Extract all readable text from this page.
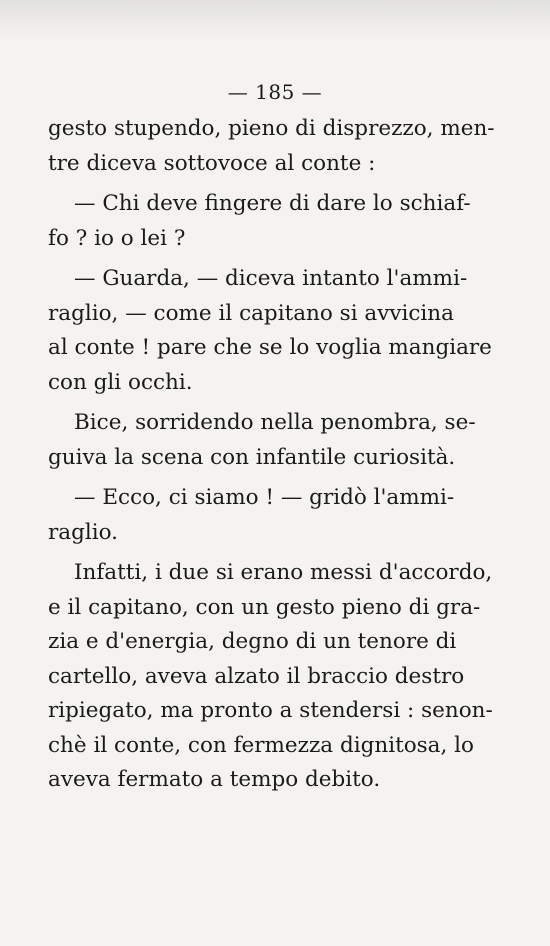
— 185 —
gesto stupendo, pieno di disprezzo, men-
tre diceva sottovoce al conte :
— Chi deve fingere di dare lo schiaf-
fo ? io o lei ?
— Guarda, — diceva intanto l'ammi-
raglio, — come il capitano si avvicina
al conte ! pare che se lo voglia mangiare
con gli occhi.
Bice, sorridendo nella penombra, se-
guiva la scena con infantile curiosità.
— Ecco, ci siamo ! — gridò l'ammi-
raglio.
Infatti, i due si erano messi d'accordo,
e il capitano, con un gesto pieno di gra-
zia e d'energia, degno di un tenore di
cartello, aveva alzato il braccio destro
ripiegato, ma pronto a stendersi : senon-
chè il conte, con fermezza dignitosa, lo
aveva fermato a tempo debito.
